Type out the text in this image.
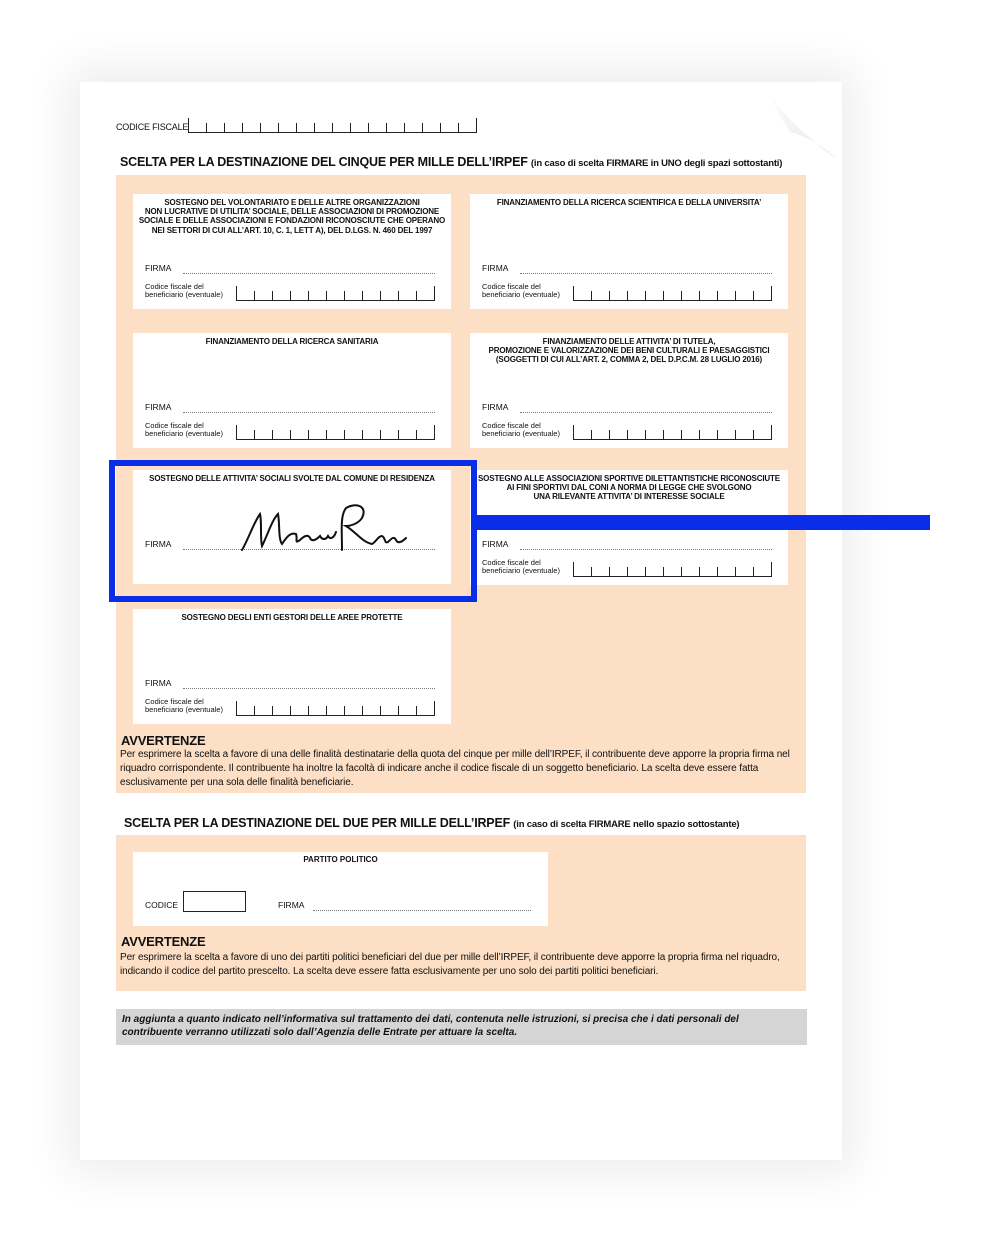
CODICE FISCALE
SCELTA PER LA DESTINAZIONE DEL CINQUE PER MILLE DELL’IRPEF (in caso di scelta FIRMARE in UNO degli spazi sottostanti)
SOSTEGNO DEL VOLONTARIATO E DELLE ALTRE ORGANIZZAZIONI
NON LUCRATIVE DI UTILITA’ SOCIALE, DELLE ASSOCIAZIONI DI PROMOZIONE
SOCIALE E DELLE ASSOCIAZIONI E FONDAZIONI RICONOSCIUTE CHE OPERANO
NEI SETTORI DI CUI ALL’ART. 10, C. 1, LETT A), DEL D.LGS. N. 460 DEL 1997
FIRMA
Codice fiscale del
beneficiario (eventuale)
FINANZIAMENTO DELLA RICERCA SCIENTIFICA E DELLA UNIVERSITA’
FIRMA
Codice fiscale del
beneficiario (eventuale)
FINANZIAMENTO DELLA RICERCA SANITARIA
FIRMA
Codice fiscale del
beneficiario (eventuale)
FINANZIAMENTO DELLE ATTIVITA’ DI TUTELA,
PROMOZIONE E VALORIZZAZIONE DEI BENI CULTURALI E PAESAGGISTICI
(SOGGETTI DI CUI ALL’ART. 2, COMMA 2, DEL D.P.C.M. 28 LUGLIO 2016)
FIRMA
Codice fiscale del
beneficiario (eventuale)
SOSTEGNO DELLE ATTIVITA’ SOCIALI SVOLTE DAL COMUNE DI RESIDENZA
FIRMA
SOSTEGNO ALLE ASSOCIAZIONI SPORTIVE DILETTANTISTICHE RICONOSCIUTE
AI FINI SPORTIVI DAL CONI A NORMA DI LEGGE CHE SVOLGONO
UNA RILEVANTE ATTIVITA’ DI INTERESSE SOCIALE
FIRMA
Codice fiscale del
beneficiario (eventuale)
SOSTEGNO DEGLI ENTI GESTORI DELLE AREE PROTETTE
FIRMA
Codice fiscale del
beneficiario (eventuale)
AVVERTENZE
Per esprimere la scelta a favore di una delle finalità destinatarie della quota del cinque per mille dell’IRPEF, il contribuente deve apporre la propria firma nel riquadro corrispondente. Il contribuente ha inoltre la facoltà di indicare anche il codice fiscale di un soggetto beneficiario. La scelta deve essere fatta esclusivamente per una sola delle finalità beneficiarie.
SCELTA PER LA DESTINAZIONE DEL DUE PER MILLE DELL’IRPEF (in caso di scelta FIRMARE nello spazio sottostante)
PARTITO POLITICO
CODICE	FIRMA
AVVERTENZE
Per esprimere la scelta a favore di uno dei partiti politici beneficiari del due per mille dell’IRPEF, il contribuente deve apporre la propria firma nel riquadro, indicando il codice del partito prescelto. La scelta deve essere fatta esclusivamente per uno solo dei partiti politici beneficiari.
In aggiunta a quanto indicato nell’informativa sul trattamento dei dati, contenuta nelle istruzioni, si precisa che i dati personali del contribuente verranno utilizzati solo dall’Agenzia delle Entrate per attuare la scelta.
